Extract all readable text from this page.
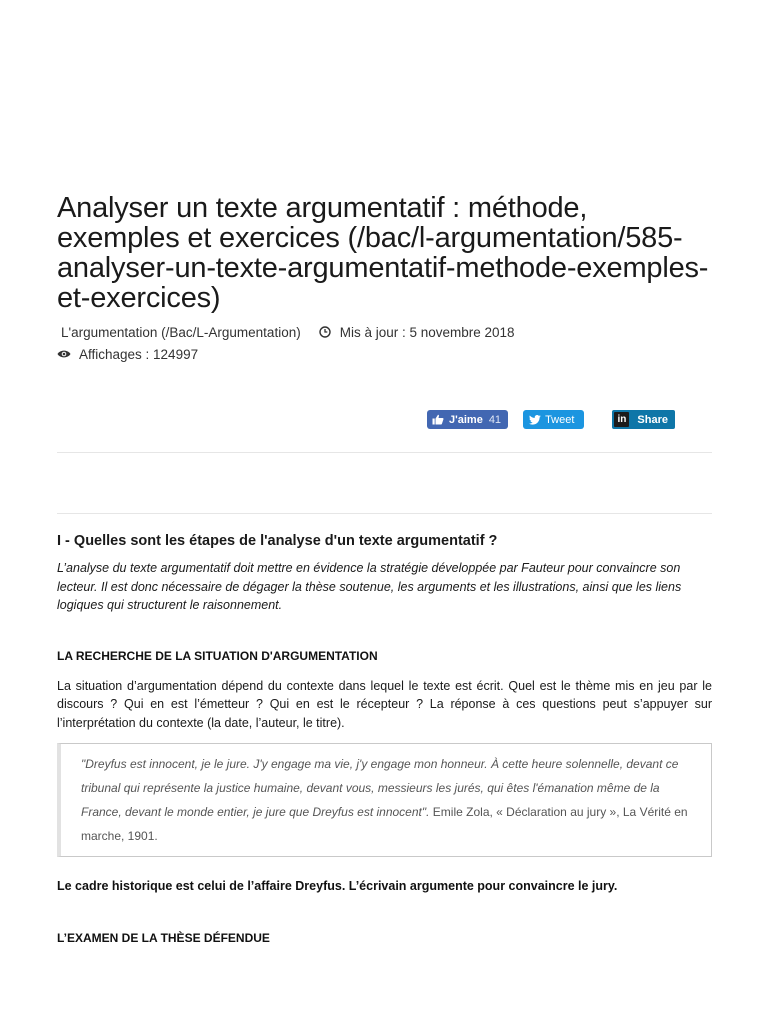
Analyser un texte argumentatif : méthode, exemples et exercices (/bac/l-argumentation/585-analyser-un-texte-argumentatif-methode-exemples-et-exercices)
L'argumentation (/Bac/L-Argumentation)	Mis à jour : 5 novembre 2018
Affichages : 124997
J'aime 41	Tweet	in Share
I - Quelles sont les étapes de l'analyse d'un texte argumentatif ?

L’analyse du texte argumentatif doit mettre en évidence la stratégie développée par Fauteur pour convaincre son lecteur. Il est donc nécessaire de dégager la thèse soutenue, les arguments et les illustrations, ainsi que les liens logiques qui structurent le raisonnement.

LA RECHERCHE DE LA SITUATION D'ARGUMENTATION

La situation d’argumentation dépend du contexte dans lequel le texte est écrit. Quel est le thème mis en jeu par le discours ? Qui en est l’émetteur ? Qui en est le récepteur ? La réponse à ces questions peut s’appuyer sur l’interprétation du contexte (la date, l’auteur, le titre).

"Dreyfus est innocent, je le jure. J'y engage ma vie, j'y engage mon honneur. À cette heure solennelle, devant ce tribunal qui représente la justice humaine, devant vous, messieurs les jurés, qui êtes l'émanation même de la France, devant le monde entier, je jure que Dreyfus est innocent". Emile Zola, « Déclaration au jury », La Vérité en marche, 1901.

Le cadre historique est celui de l’affaire Dreyfus. L’écrivain argumente pour convaincre le jury.

L’EXAMEN DE LA THÈSE DÉFENDUE
